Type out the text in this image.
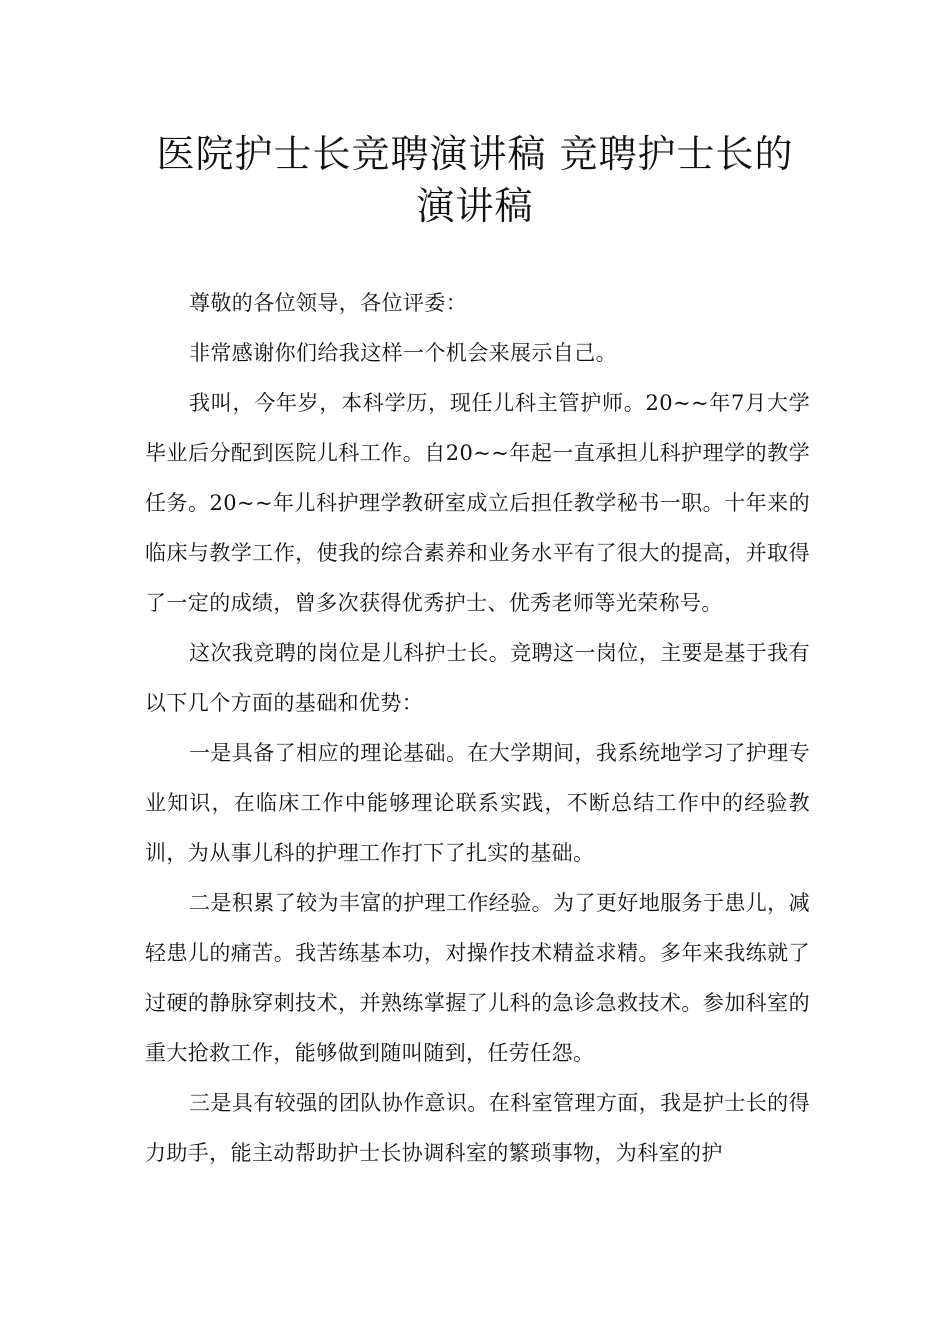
医院护士长竞聘演讲稿 竞聘护士长的
演讲稿

尊敬的各位领导，各位评委：

非常感谢你们给我这样一个机会来展示自己。

我叫，今年岁，本科学历，现任儿科主管护师。20~~年7月大学毕业后分配到医院儿科工作。自20~~年起一直承担儿科护理学的教学任务。20~~年儿科护理学教研室成立后担任教学秘书一职。十年来的临床与教学工作，使我的综合素养和业务水平有了很大的提高，并取得了一定的成绩，曾多次获得优秀护士、优秀老师等光荣称号。

这次我竞聘的岗位是儿科护士长。竞聘这一岗位，主要是基于我有以下几个方面的基础和优势：

一是具备了相应的理论基础。在大学期间，我系统地学习了护理专业知识，在临床工作中能够理论联系实践，不断总结工作中的经验教训，为从事儿科的护理工作打下了扎实的基础。

二是积累了较为丰富的护理工作经验。为了更好地服务于患儿，减轻患儿的痛苦。我苦练基本功，对操作技术精益求精。多年来我练就了过硬的静脉穿刺技术，并熟练掌握了儿科的急诊急救技术。参加科室的重大抢救工作，能够做到随叫随到，任劳任怨。

三是具有较强的团队协作意识。在科室管理方面，我是护士长的得力助手，能主动帮助护士长协调科室的繁琐事物，为科室的护
